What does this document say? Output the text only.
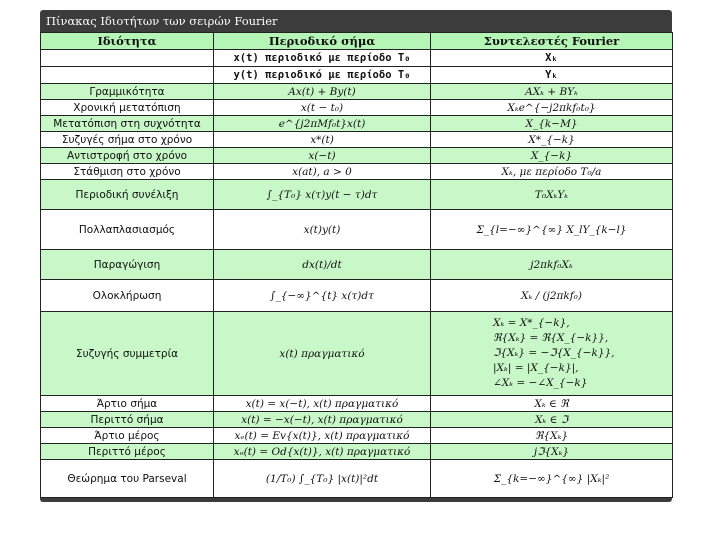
Πίνακας Ιδιοτήτων των σειρών Fourier
Ιδιότητα	Περιοδικό σήμα	Συντελεστές Fourier
	x(t) περιοδικό με περίοδο T₀	Xₖ
	y(t) περιοδικό με περίοδο T₀	Yₖ
Γραμμικότητα	Ax(t) + By(t)	AXₖ + BYₖ
Χρονική μετατόπιση	x(t − t₀)	Xₖe^{−j2πkf₀t₀}
Μετατόπιση στη συχνότητα	e^{j2πMf₀t}x(t)	X_{k−M}
Συζυγές σήμα στο χρόνο	x*(t)	X*_{−k}
Αντιστροφή στο χρόνο	x(−t)	X_{−k}
Στάθμιση στο χρόνο	x(at), a > 0	Xₖ, με περίοδο T₀/a
Περιοδική συνέλιξη	∫_{T₀} x(τ)y(t − τ)dτ	T₀XₖYₖ
Πολλαπλασιασμός	x(t)y(t)	Σ_{l=−∞}^{∞} X_lY_{k−l}
Παραγώγιση	dx(t)/dt	j2πkf₀Xₖ
Ολοκλήρωση	∫_{−∞}^{t} x(τ)dτ	Xₖ / (j2πkf₀)
Συζυγής συμμετρία	x(t) πραγματικό	Xₖ = X*_{−k},
ℜ{Xₖ} = ℜ{X_{−k}},
ℑ{Xₖ} = −ℑ{X_{−k}},
|Xₖ| = |X_{−k}|,
∠Xₖ = −∠X_{−k}

Άρτιο σήμα	x(t) = x(−t), x(t) πραγματικό	Xₖ ∈ ℜ
Περιττό σήμα	x(t) = −x(−t), x(t) πραγματικό	Xₖ ∈ ℑ
Άρτιο μέρος	xₑ(t) = Ev{x(t)}, x(t) πραγματικό	ℜ{Xₖ}
Περιττό μέρος	xₒ(t) = Od{x(t)}, x(t) πραγματικό	jℑ{Xₖ}
Θεώρημα του Parseval	(1/T₀) ∫_{T₀} |x(t)|²dt	Σ_{k=−∞}^{∞} |Xₖ|²
